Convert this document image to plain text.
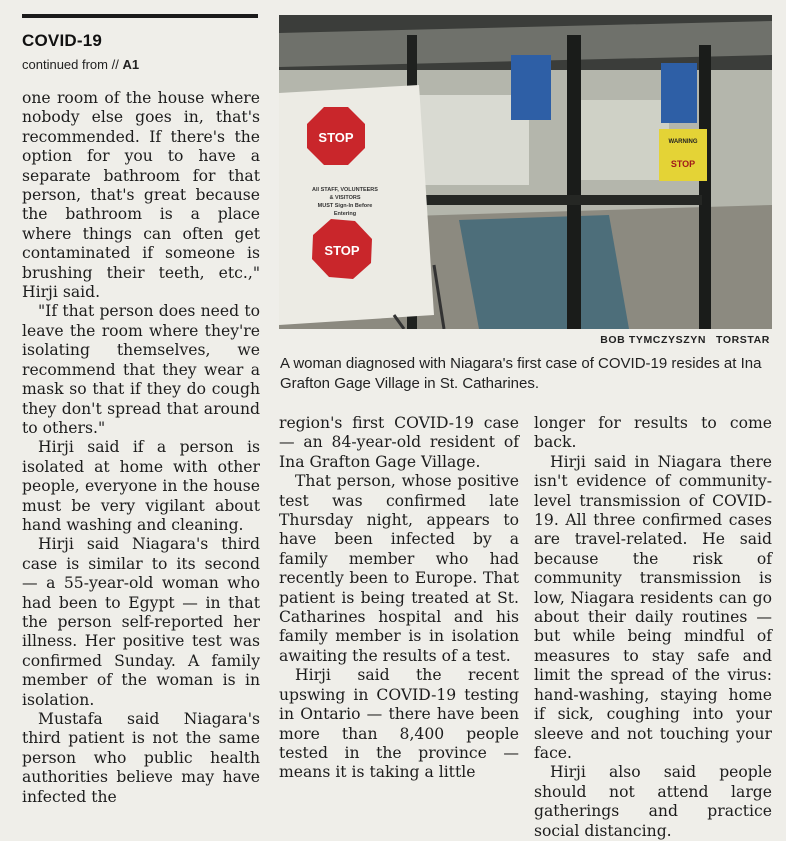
COVID-19
continued from // A1

one room of the house where nobody else goes in, that's recommended. If there's the option for you to have a separate bathroom for that person, that's great because the bathroom is a place where things can often get contaminated if someone is brushing their teeth, etc.," Hirji said.

"If that person does need to leave the room where they're isolating themselves, we recommend that they wear a mask so that if they do cough they don't spread that around to others."

Hirji said if a person is isolated at home with other people, everyone in the house must be very vigilant about hand washing and cleaning.

Hirji said Niagara's third case is similar to its second — a 55-year-old woman who had been to Egypt — in that the person self-reported her illness. Her positive test was confirmed Sunday. A family member of the woman is in isolation.

Mustafa said Niagara's third patient is not the same person who public health authorities believe may have infected the

WARNING
STOP
STOP
All STAFF, VOLUNTEERS
& VISITORS
MUST Sign-In Before
Entering
STOP
BOB TYMCZYSZYN TORSTAR
A woman diagnosed with Niagara's first case of COVID-19 resides at Ina Grafton Gage Village in St. Catharines.

region's first COVID-19 case — an 84-year-old resident of Ina Grafton Gage Village.

That person, whose positive test was confirmed late Thursday night, appears to have been infected by a family member who had recently been to Europe. That patient is being treated at St. Catharines hospital and his family member is in isolation awaiting the results of a test.

Hirji said the recent upswing in COVID-19 testing in Ontario — there have been more than 8,400 people tested in the province — means it is taking a little

longer for results to come back.

Hirji said in Niagara there isn't evidence of community-level transmission of COVID-19. All three confirmed cases are travel-related. He said because the risk of community transmission is low, Niagara residents can go about their daily routines — but while being mindful of measures to stay safe and limit the spread of the virus: hand-washing, staying home if sick, coughing into your sleeve and not touching your face.

Hirji also said people should not attend large gatherings and practice social distancing.
